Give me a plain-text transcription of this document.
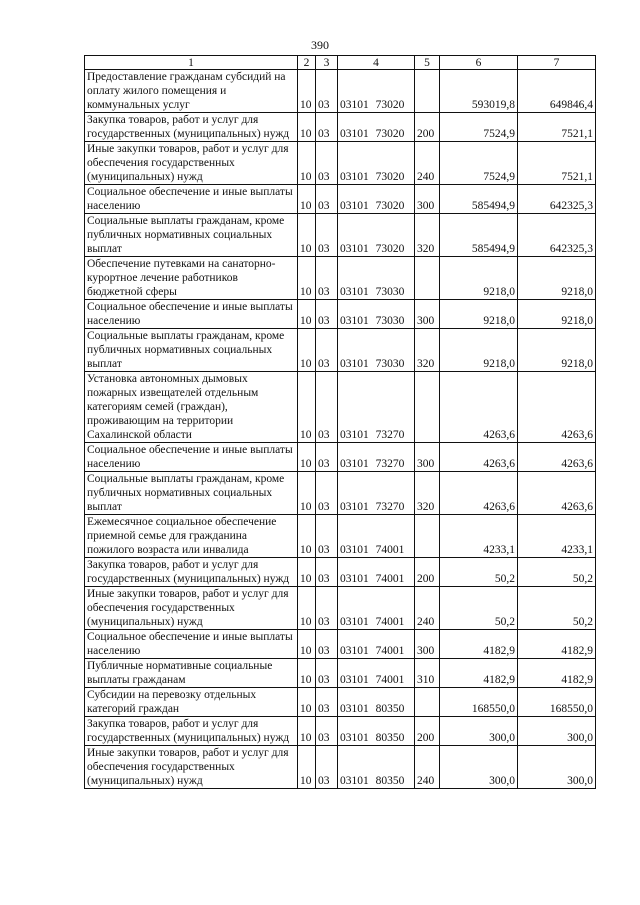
390
1	2	3	4	5	6	7
Предоставление гражданам субсидий на оплату жилого помещения и коммунальных услуг	10	03	03101 73020		593019,8	649846,4
Закупка товаров, работ и услуг для государственных (муниципальных) нужд	10	03	03101 73020	200	7524,9	7521,1
Иные закупки товаров, работ и услуг для обеспечения государственных (муниципальных) нужд	10	03	03101 73020	240	7524,9	7521,1
Социальное обеспечение и иные выплаты населению	10	03	03101 73020	300	585494,9	642325,3
Социальные выплаты гражданам, кроме публичных нормативных социальных выплат	10	03	03101 73020	320	585494,9	642325,3
Обеспечение путевками на санаторно-курортное лечение работников бюджетной сферы	10	03	03101 73030		9218,0	9218,0
Социальное обеспечение и иные выплаты населению	10	03	03101 73030	300	9218,0	9218,0
Социальные выплаты гражданам, кроме публичных нормативных социальных выплат	10	03	03101 73030	320	9218,0	9218,0
Установка автономных дымовых пожарных извещателей отдельным категориям семей (граждан), проживающим на территории Сахалинской области	10	03	03101 73270		4263,6	4263,6
Социальное обеспечение и иные выплаты населению	10	03	03101 73270	300	4263,6	4263,6
Социальные выплаты гражданам, кроме публичных нормативных социальных выплат	10	03	03101 73270	320	4263,6	4263,6
Ежемесячное социальное обеспечение приемной семье для гражданина пожилого возраста или инвалида	10	03	03101 74001		4233,1	4233,1
Закупка товаров, работ и услуг для государственных (муниципальных) нужд	10	03	03101 74001	200	50,2	50,2
Иные закупки товаров, работ и услуг для обеспечения государственных (муниципальных) нужд	10	03	03101 74001	240	50,2	50,2
Социальное обеспечение и иные выплаты населению	10	03	03101 74001	300	4182,9	4182,9
Публичные нормативные социальные выплаты гражданам	10	03	03101 74001	310	4182,9	4182,9
Субсидии на перевозку отдельных категорий граждан	10	03	03101 80350		168550,0	168550,0
Закупка товаров, работ и услуг для государственных (муниципальных) нужд	10	03	03101 80350	200	300,0	300,0
Иные закупки товаров, работ и услуг для обеспечения государственных (муниципальных) нужд	10	03	03101 80350	240	300,0	300,0
